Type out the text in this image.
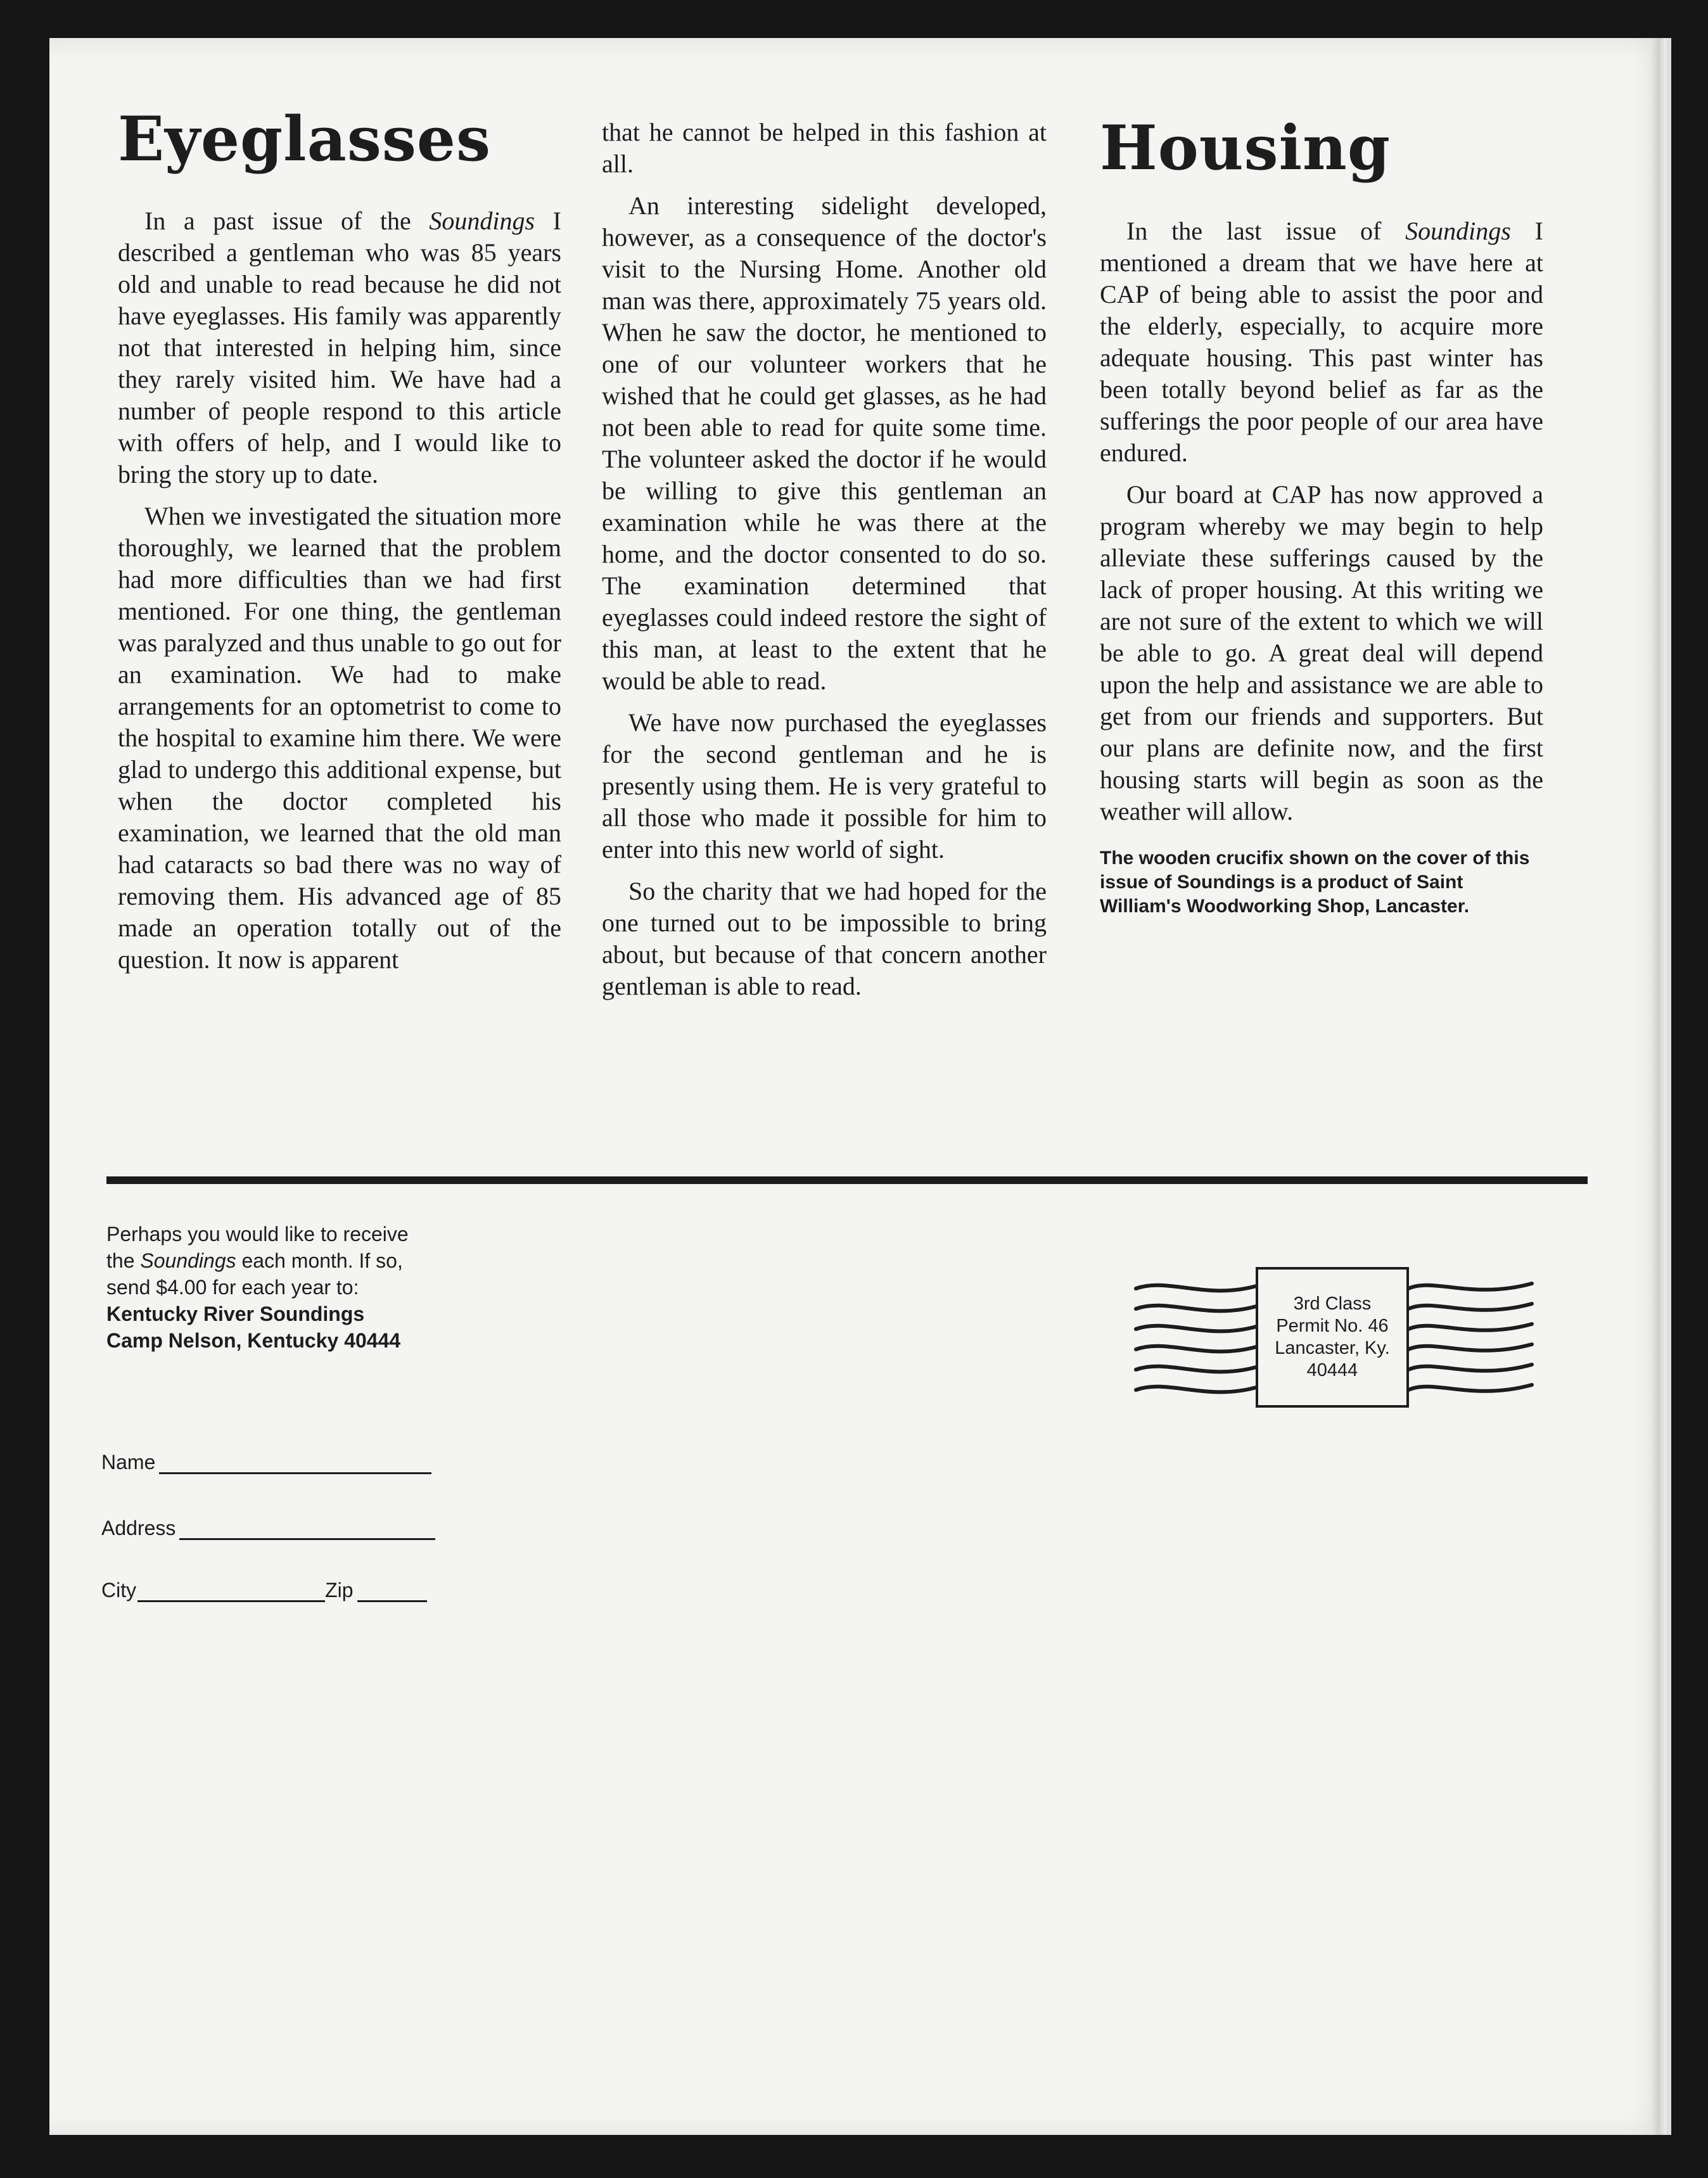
Eyeglasses

In a past issue of the Soundings I described a gentleman who was 85 years old and unable to read because he did not have eyeglasses. His family was apparently not that interested in helping him, since they rarely visited him. We have had a number of people respond to this article with offers of help, and I would like to bring the story up to date.

When we investigated the situation more thoroughly, we learned that the problem had more difficulties than we had first mentioned. For one thing, the gentleman was paralyzed and thus unable to go out for an examination. We had to make arrangements for an optometrist to come to the hospital to examine him there. We were glad to undergo this additional expense, but when the doctor completed his examination, we learned that the old man had cataracts so bad there was no way of removing them. His advanced age of 85 made an operation totally out of the question. It now is apparent

that he cannot be helped in this fashion at all.

An interesting sidelight developed, however, as a consequence of the doctor's visit to the Nursing Home. Another old man was there, approximately 75 years old. When he saw the doctor, he mentioned to one of our volunteer workers that he wished that he could get glasses, as he had not been able to read for quite some time. The volunteer asked the doctor if he would be willing to give this gentleman an examination while he was there at the home, and the doctor consented to do so. The examination determined that eyeglasses could indeed restore the sight of this man, at least to the extent that he would be able to read.

We have now purchased the eyeglasses for the second gentleman and he is presently using them. He is very grateful to all those who made it possible for him to enter into this new world of sight.

So the charity that we had hoped for the one turned out to be impossible to bring about, but because of that concern another gentleman is able to read.

Housing

In the last issue of Soundings I mentioned a dream that we have here at CAP of being able to assist the poor and the elderly, especially, to acquire more adequate housing. This past winter has been totally beyond belief as far as the sufferings the poor people of our area have endured.

Our board at CAP has now approved a program whereby we may begin to help alleviate these sufferings caused by the lack of proper housing. At this writing we are not sure of the extent to which we will be able to go. A great deal will depend upon the help and assistance we are able to get from our friends and supporters. But our plans are definite now, and the first housing starts will begin as soon as the weather will allow.

The wooden crucifix shown on the cover of this issue of Soundings is a product of Saint William's Woodworking Shop, Lancaster.
Perhaps you would like to receive
the Soundings each month. If so,
send $4.00 for each year to:
Kentucky River Soundings
Camp Nelson, Kentucky 40444
Name
Address
City	Zip
3rd Class
Permit No. 46
Lancaster, Ky.
40444
